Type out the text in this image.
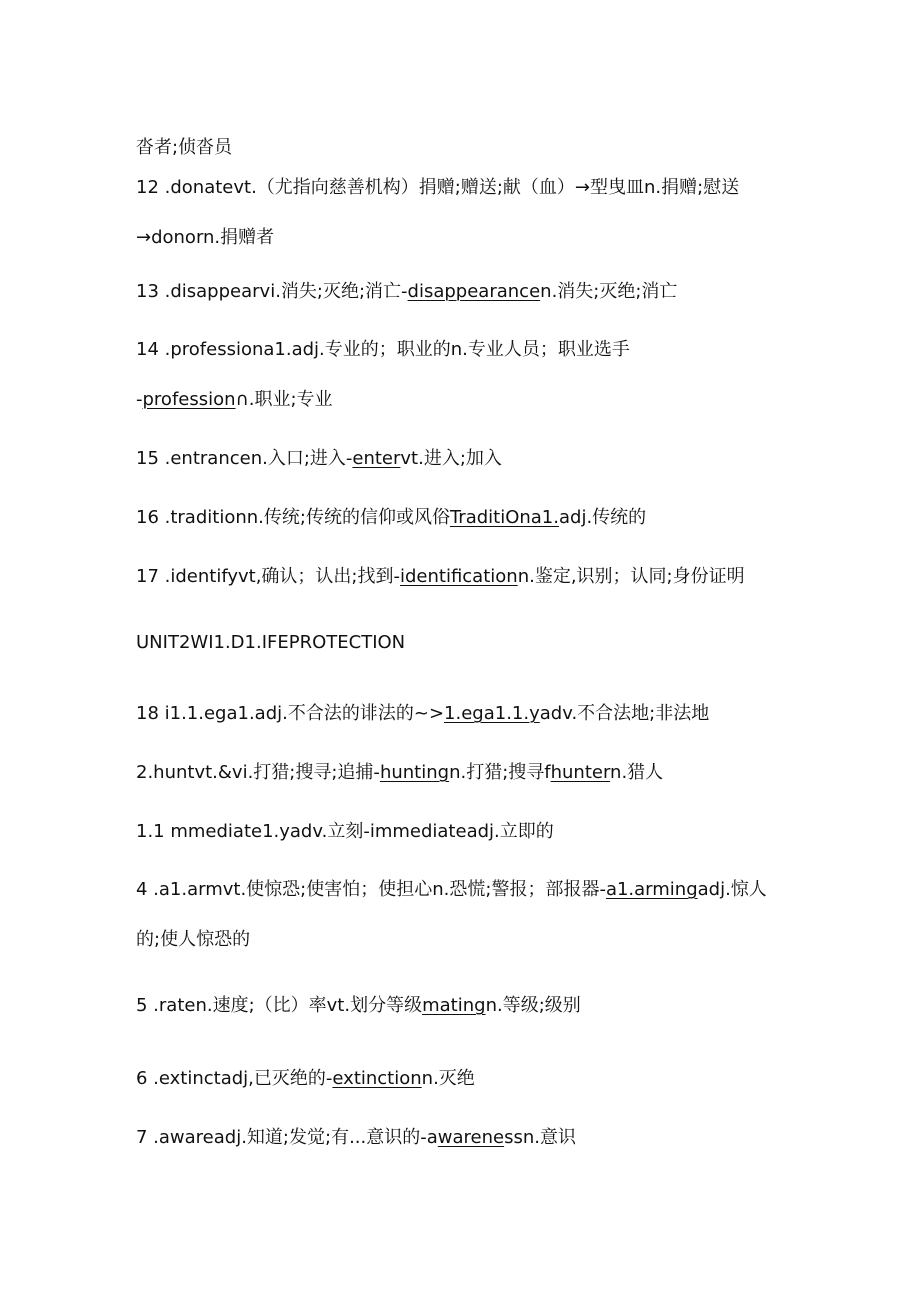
沓者;侦沓员
12 .donatevt.（尤指向慈善机构）捐赠;赠送;献（血）→型曳皿n.捐赠;慰送
→donorn.捐赠者
13 .disappearvi.消失;灭绝;消亡-disappearancen.消失;灭绝;消亡
14 .professiona1.adj.专业的；职业的n.专业人员；职业选手
-profession∩.职业;专业
15 .entrancen.入口;进入-entervt.进入;加入
16 .traditionn.传统;传统的信仰或风俗TraditiOna1.adj.传统的
17 .identifyvt,确认；认出;找到-identificationn.鉴定,识别；认同;身份证明
UNIT2WI1.D1.IFEPROTECTION
18 i1.1.ega1.adj.不合法的诽法的~>1.ega1.1.yadv.不合法地;非法地
2.huntvt.&vi.打猎;搜寻;追捕-huntingn.打猎;搜寻fhuntern.猎人
1.1 mmediate1.yadv.立刻-immediateadj.立即的
4 .a1.armvt.使惊恐;使害怕；使担心n.恐慌;警报；部报器-a1.armingadj.惊人
的;使人惊恐的
5 .raten.速度;（比）率vt.划分等级matingn.等级;级别
6 .extinctadj,已灭绝的-extinctionn.灭绝
7 .awareadj.知道;发觉;有...意识的-awarenessn.意识
